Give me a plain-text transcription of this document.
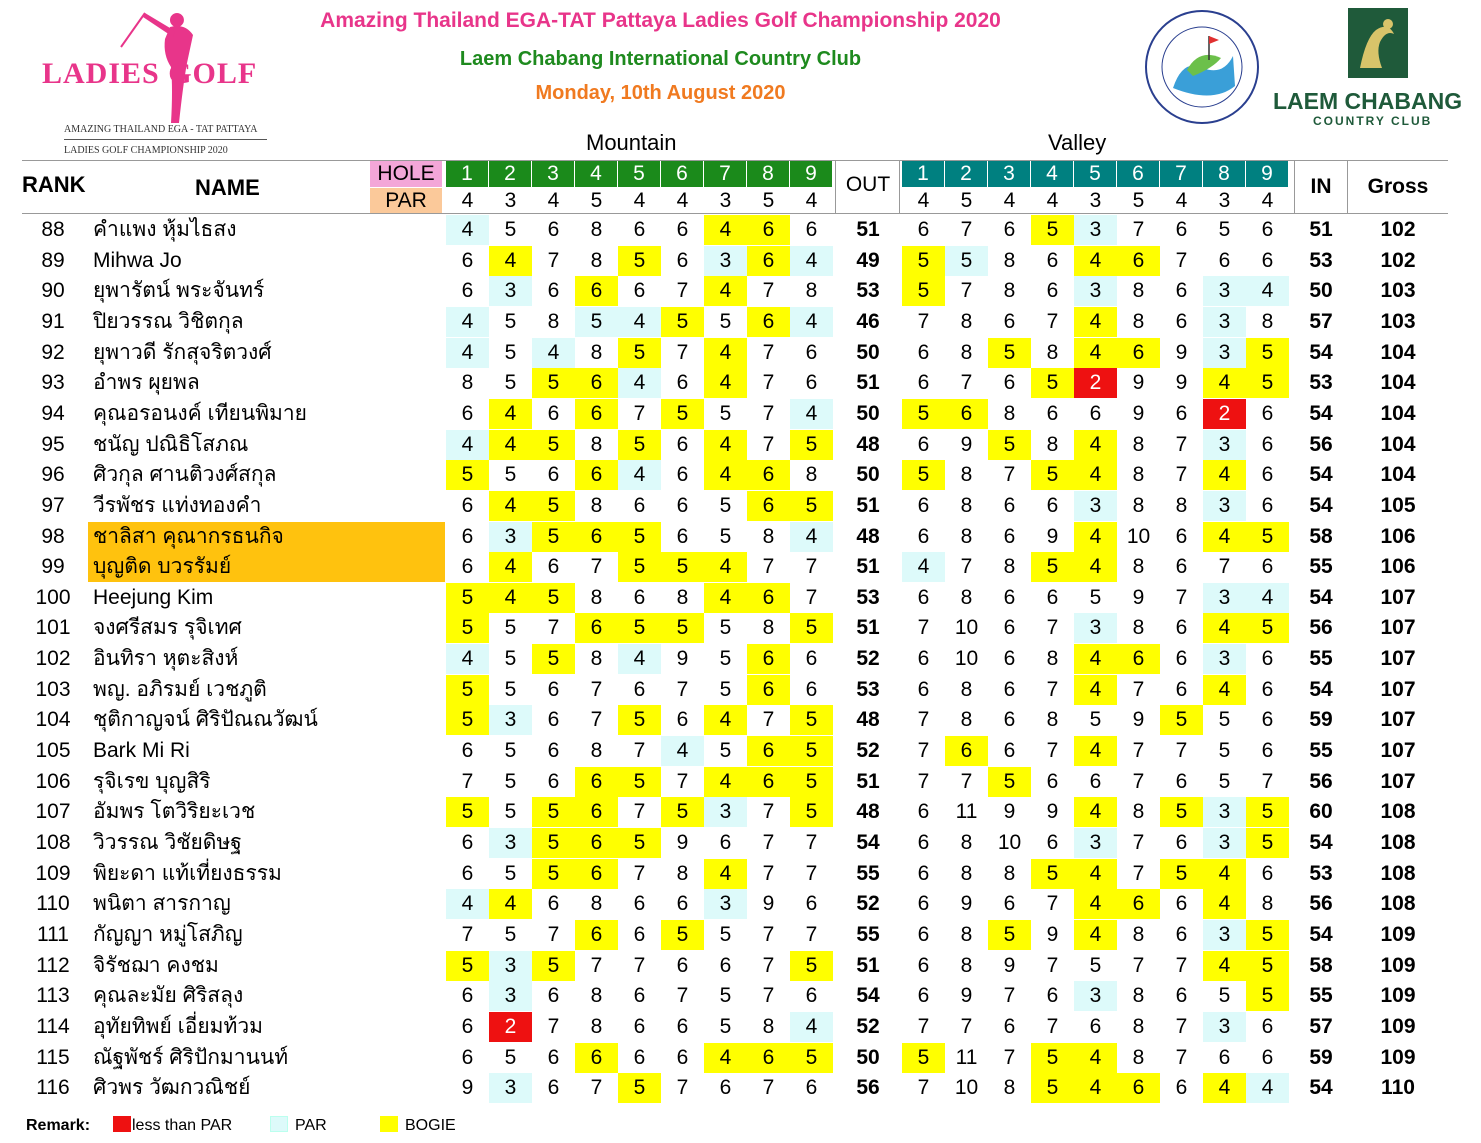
Amazing Thailand EGA-TAT Pattaya Ladies Golf Championship 2020
Laem Chabang International Country Club
Monday, 10th August 2020
LADIES GOLF
AMAZING THAILAND EGA - TAT PATTAYA
LADIES GOLF CHAMPIONSHIP 2020
LAEM CHABANG
COUNTRY CLUB
Mountain	Valley
RANK	NAME
HOLE
PAR
OUT	IN	Gross
1	2	3	4	5	6	7	8	9	1	2	3	4	5	6	7	8	9
4	3	4	5	4	4	3	5	4	4	5	4	4	3	5	4	3	4
88	คำแพง หุ้มไธสง	4	5	6	8	6	6	4	6	6	51	6	7	6	5	3	7	6	5	6	51	102
89	Mihwa Jo	6	4	7	8	5	6	3	6	4	49	5	5	8	6	4	6	7	6	6	53	102
90	ยุพารัตน์ พระจันทร์	6	3	6	6	6	7	4	7	8	53	5	7	8	6	3	8	6	3	4	50	103
91	ปิยวรรณ วิชิตกุล	4	5	8	5	4	5	5	6	4	46	7	8	6	7	4	8	6	3	8	57	103
92	ยุพาวดี รักสุจริตวงศ์	4	5	4	8	5	7	4	7	6	50	6	8	5	8	4	6	9	3	5	54	104
93	อำพร ผุยพล	8	5	5	6	4	6	4	7	6	51	6	7	6	5	2	9	9	4	5	53	104
94	คุณอรอนงค์ เทียนพิมาย	6	4	6	6	7	5	5	7	4	50	5	6	8	6	6	9	6	2	6	54	104
95	ชนัญ ปณิธิโสภณ	4	4	5	8	5	6	4	7	5	48	6	9	5	8	4	8	7	3	6	56	104
96	ศิวกุล ศานติวงศ์สกุล	5	5	6	6	4	6	4	6	8	50	5	8	7	5	4	8	7	4	6	54	104
97	วีรพัชร แท่งทองคำ	6	4	5	8	6	6	5	6	5	51	6	8	6	6	3	8	8	3	6	54	105
98	ชาลิสา คุณากรธนกิจ	6	3	5	6	5	6	5	8	4	48	6	8	6	9	4	10	6	4	5	58	106
99	บุญติด บวรรัมย์	6	4	6	7	5	5	4	7	7	51	4	7	8	5	4	8	6	7	6	55	106
100	Heejung Kim	5	4	5	8	6	8	4	6	7	53	6	8	6	6	5	9	7	3	4	54	107
101	จงศรีสมร รุจิเทศ	5	5	7	6	5	5	5	8	5	51	7	10	6	7	3	8	6	4	5	56	107
102	อินทิรา หุตะสิงห์	4	5	5	8	4	9	5	6	6	52	6	10	6	8	4	6	6	3	6	55	107
103	พญ. อภิรมย์ เวชภูติ	5	5	6	7	6	7	5	6	6	53	6	8	6	7	4	7	6	4	6	54	107
104	ชุติกาญจน์ ศิริปัณณวัฒน์	5	3	6	7	5	6	4	7	5	48	7	8	6	8	5	9	5	5	6	59	107
105	Bark Mi Ri	6	5	6	8	7	4	5	6	5	52	7	6	6	7	4	7	7	5	6	55	107
106	รุจิเรข บุญสิริ	7	5	6	6	5	7	4	6	5	51	7	7	5	6	6	7	6	5	7	56	107
107	อัมพร โตวิริยะเวช	5	5	5	6	7	5	3	7	5	48	6	11	9	9	4	8	5	3	5	60	108
108	วิวรรณ วิชัยดิษฐ	6	3	5	6	5	9	6	7	7	54	6	8	10	6	3	7	6	3	5	54	108
109	พิยะดา แท้เที่ยงธรรม	6	5	5	6	7	8	4	7	7	55	6	8	8	5	4	7	5	4	6	53	108
110	พนิตา สารกาญ	4	4	6	8	6	6	3	9	6	52	6	9	6	7	4	6	6	4	8	56	108
111	กัญญา หมู่โสภิญ	7	5	7	6	6	5	5	7	7	55	6	8	5	9	4	8	6	3	5	54	109
112	จิรัชฌา คงชม	5	3	5	7	7	6	6	7	5	51	6	8	9	7	5	7	7	4	5	58	109
113	คุณละมัย ศิริสลุง	6	3	6	8	6	7	5	7	6	54	6	9	7	6	3	8	6	5	5	55	109
114	อุทัยทิพย์ เอี่ยมท้วม	6	2	7	8	6	6	5	8	4	52	7	7	6	7	6	8	7	3	6	57	109
115	ณัฐพัชร์ ศิริปักมานนท์	6	5	6	6	6	6	4	6	5	50	5	11	7	5	4	8	7	6	6	59	109
116	ศิวพร วัฒกวณิชย์	9	3	6	7	5	7	6	7	6	56	7	10	8	5	4	6	6	4	4	54	110
Remark:	less than PAR	PAR	BOGIE
